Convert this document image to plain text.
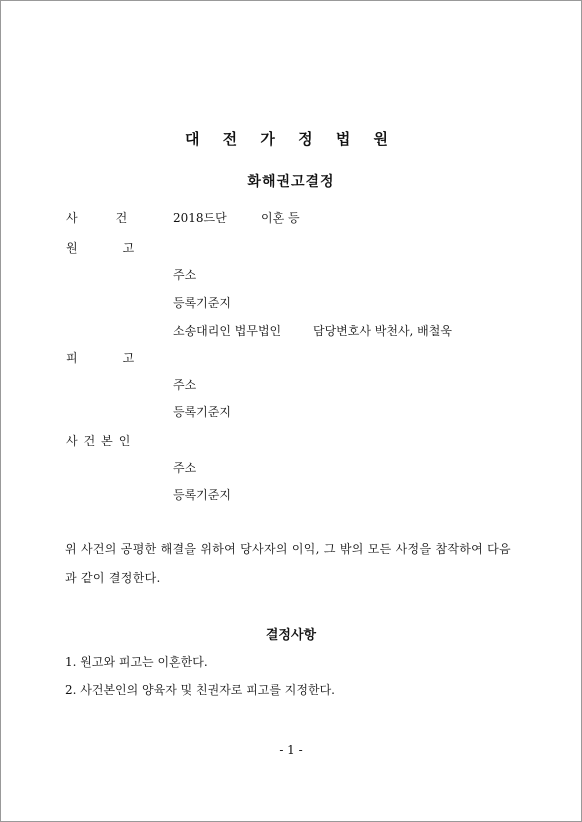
대 전 가 정 법 원
화해권고결정
사건 2018드단	이혼 등
원고
주소
등록기준지
소송대리인 법무법인	담당변호사 박천사, 배철욱
피고
주소
등록기준지
사건본인
주소
등록기준지
위 사건의 공평한 해결을 위하여 당사자의 이익, 그 밖의 모든 사정을 참작하여 다음
과 같이 결정한다.
결정사항
1. 원고와 피고는 이혼한다.
2. 사건본인의 양육자 및 친권자로 피고를 지정한다.
- 1 -
